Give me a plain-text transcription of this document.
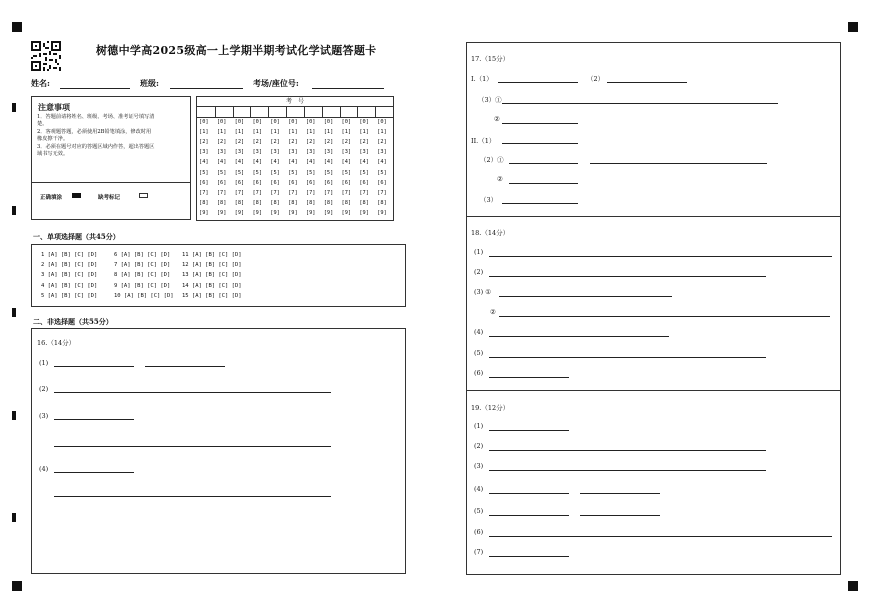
树德中学高2025级高一上学期半期考试化学试题答题卡
姓名:	班级:	考场/座位号:
注意事项
1．答题前请将姓名、班级、考场、准考证号填写清楚。
2．客观题答题，必须使用2B铅笔填涂，修改时用橡皮擦干净。
3．必须在题号对应的答题区域内作答，超出答题区域书写无效。
正确填涂	缺考标记
考　号
[0] [0] [0] [0] [0] [0] [0] [0] [0] [0] [0]
[1] [1] [1] [1] [1] [1] [1] [1] [1] [1] [1]
[2] [2] [2] [2] [2] [2] [2] [2] [2] [2] [2]
[3] [3] [3] [3] [3] [3] [3] [3] [3] [3] [3]
[4] [4] [4] [4] [4] [4] [4] [4] [4] [4] [4]
[5] [5] [5] [5] [5] [5] [5] [5] [5] [5] [5]
[6] [6] [6] [6] [6] [6] [6] [6] [6] [6] [6]
[7] [7] [7] [7] [7] [7] [7] [7] [7] [7] [7]
[8] [8] [8] [8] [8] [8] [8] [8] [8] [8] [8]
[9] [9] [9] [9] [9] [9] [9] [9] [9] [9] [9]
一、单项选择题（共45分）
1 [A] [B] [C] [D]
2 [A] [B] [C] [D]
3 [A] [B] [C] [D]
4 [A] [B] [C] [D]
5 [A] [B] [C] [D]
6 [A] [B] [C] [D]
7 [A] [B] [C] [D]
8 [A] [B] [C] [D]
9 [A] [B] [C] [D]
10 [A] [B] [C] [D]
11 [A] [B] [C] [D]
12 [A] [B] [C] [D]
13 [A] [B] [C] [D]
14 [A] [B] [C] [D]
15 [A] [B] [C] [D]
二、非选择题（共55分）
16.（14分）
(1)
(2)
(3)
(4)
17.（15分）
I.（1）	（2）
（3）①
②
II.（1）
（2）①
②
（3）
18.（14分）
(1)
(2)
(3) ①
②
(4)
(5)
(6)
19.（12分）
(1)
(2)
(3)
(4)
(5)
(6)
(7)
